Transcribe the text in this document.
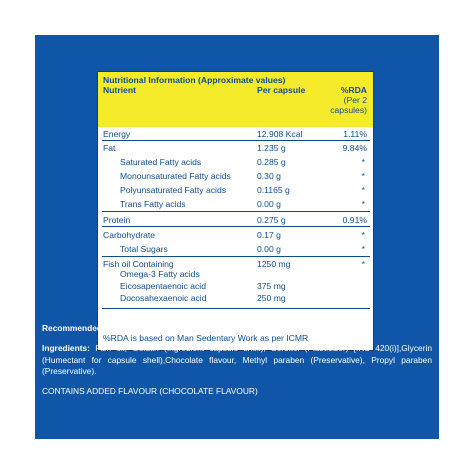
Nutritional Information (Approximate values)
Nutrient	Per capsule	%RDA
(Per 2
capsules)
Energy	12.908 Kcal	1.11%
Fat	1.235 g	9.84%
Saturated Fatty acids	0.285 g	*
Monounsaturated Fatty acids	0.30 g	*
Polyunsaturated Fatty acids	0.1165 g	*
Trans Fatty acids	0.00 g	*
Protein	0.275 g	0.91%
Carbohydrate	0.17 g	*
Total Sugars	0.00 g	*
Fish oil Containing	1250 mg	*
Omega-3 Fatty acids
Eicosapentaenoic acid	375 mg
Docosahexaenoic acid	250 mg
%RDA is based on Man Sedentary Work as per ICMR
Recommended Usage: 1-2 Capsules daily
Ingredients: Fish oil, Gelatin (Ingredient capsule shell), Sorbitol (Plasticizer) [INS 420(i)],Glycerin (Humectant for capsule shell),Chocolate flavour, Methyl paraben (Preservative), Propyl paraben (Preservative).
CONTAINS ADDED FLAVOUR (CHOCOLATE FLAVOUR)
